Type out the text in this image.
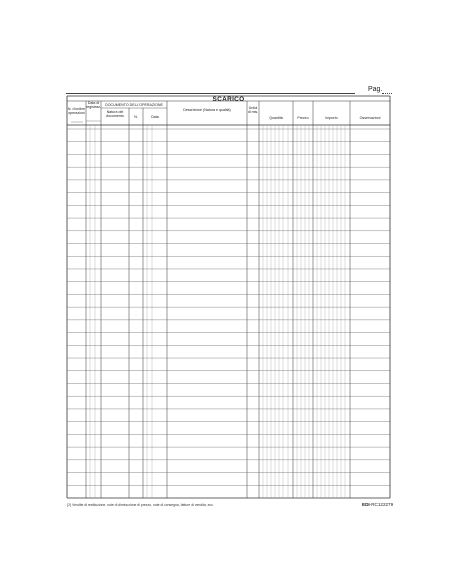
Pag.
SCARICO
N. d'ordine operazioni
Data di registraz.
DOCUMENTO DELL'OPERAZIONE
Natura del documento	N.	Data
Descrizione (Natura e qualità)	Unità di mis.
Quantità	Prezzo	Importo	Osservazioni
(2) Vendite di restituzione, note di diminuzione di prezzo, note di consegna, fatture di vendita, ecc.	EDI-RC122279
